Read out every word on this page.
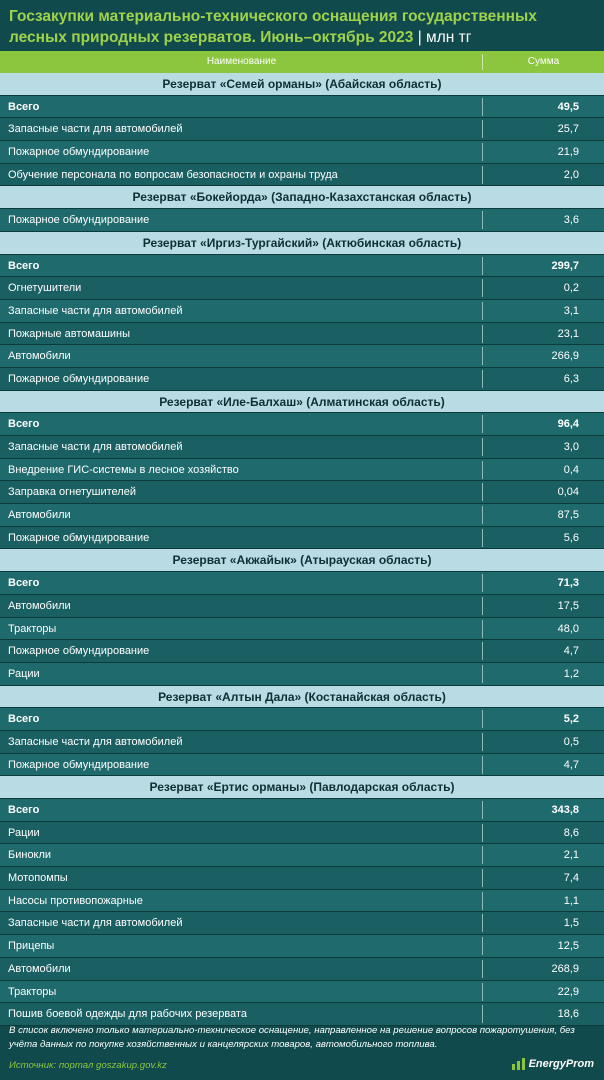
Госзакупки материально-технического оснащения государственных лесных природных резерватов. Июнь–октябрь 2023 | млн тг
Наименование	Сумма
Резерват «Семей орманы» (Абайская область)
Всего	49,5
Запасные части для автомобилей	25,7
Пожарное обмундирование	21,9
Обучение персонала по вопросам безопасности и охраны труда	2,0
Резерват «Бокейорда» (Западно-Казахстанская область)
Пожарное обмундирование	3,6
Резерват «Иргиз-Тургайский» (Актюбинская область)
Всего	299,7
Огнетушители	0,2
Запасные части для автомобилей	3,1
Пожарные автомашины	23,1
Автомобили	266,9
Пожарное обмундирование	6,3
Резерват «Иле-Балхаш» (Алматинская область)
Всего	96,4
Запасные части для автомобилей	3,0
Внедрение ГИС-системы в лесное хозяйство	0,4
Заправка огнетушителей	0,04
Автомобили	87,5
Пожарное обмундирование	5,6
Резерват «Акжайык» (Атырауская область)
Всего	71,3
Автомобили	17,5
Тракторы	48,0
Пожарное обмундирование	4,7
Рации	1,2
Резерват «Алтын Дала» (Костанайская область)
Всего	5,2
Запасные части для автомобилей	0,5
Пожарное обмундирование	4,7
Резерват «Ертис орманы» (Павлодарская область)
Всего	343,8
Рации	8,6
Бинокли	2,1
Мотопомпы	7,4
Насосы противопожарные	1,1
Запасные части для автомобилей	1,5
Прицепы	12,5
Автомобили	268,9
Тракторы	22,9
Пошив боевой одежды для рабочих резервата	18,6
В список включено только материально-техническое оснащение, направленное на решение вопросов пожаротушения, без учёта данных по покупке хозяйственных и канцелярских товаров, автомобильного топлива.
Источник: портал goszakup.gov.kz	EnergyProm
